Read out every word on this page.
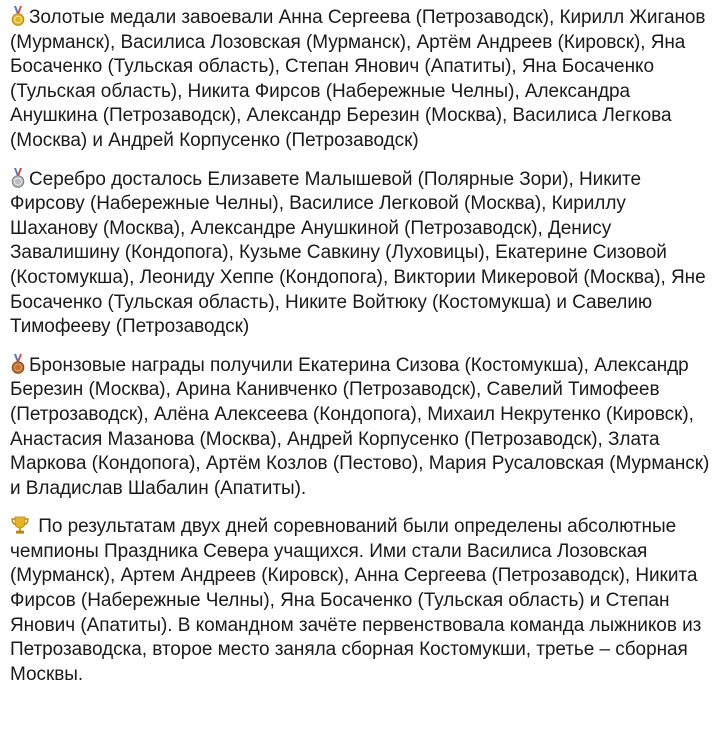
Золотые медали завоевали Анна Сергеева (Петрозаводск), Кирилл Жиганов (Мурманск), Василиса Лозовская (Мурманск), Артём Андреев (Кировск), Яна Босаченко (Тульская область), Степан Янович (Апатиты), Яна Босаченко (Тульская область), Никита Фирсов (Набережные Челны), Александра Анушкина (Петрозаводск), Александр Березин (Москва), Василиса Легкова (Москва) и Андрей Корпусенко (Петрозаводск)

Серебро досталось Елизавете Малышевой (Полярные Зори), Никите Фирсову (Набережные Челны), Василисе Легковой (Москва), Кириллу Шаханову (Москва), Александре Анушкиной (Петрозаводск), Денису Завалишину (Кондопога), Кузьме Савкину (Луховицы), Екатерине Сизовой (Костомукша), Леониду Хеппе (Кондопога), Виктории Микеровой (Москва), Яне Босаченко (Тульская область), Никите Войтюку (Костомукша) и Савелию Тимофееву (Петрозаводск)

Бронзовые награды получили Екатерина Сизова (Костомукша), Александр Березин (Москва), Арина Канивченко (Петрозаводск), Савелий Тимофеев (Петрозаводск), Алёна Алексеева (Кондопога), Михаил Некрутенко (Кировск), Анастасия Мазанова (Москва), Андрей Корпусенко (Петрозаводск), Злата Маркова (Кондопога), Артём Козлов (Пестово), Мария Русаловская (Мурманск) и Владислав Шабалин (Апатиты).

По результатам двух дней соревнований были определены абсолютные чемпионы Праздника Севера учащихся. Ими стали Василиса Лозовская (Мурманск), Артем Андреев (Кировск), Анна Сергеева (Петрозаводск), Никита Фирсов (Набережные Челны), Яна Босаченко (Тульская область) и Степан Янович (Апатиты). В командном зачёте первенствовала команда лыжников из Петрозаводска, второе место заняла сборная Костомукши, третье – сборная Москвы.
